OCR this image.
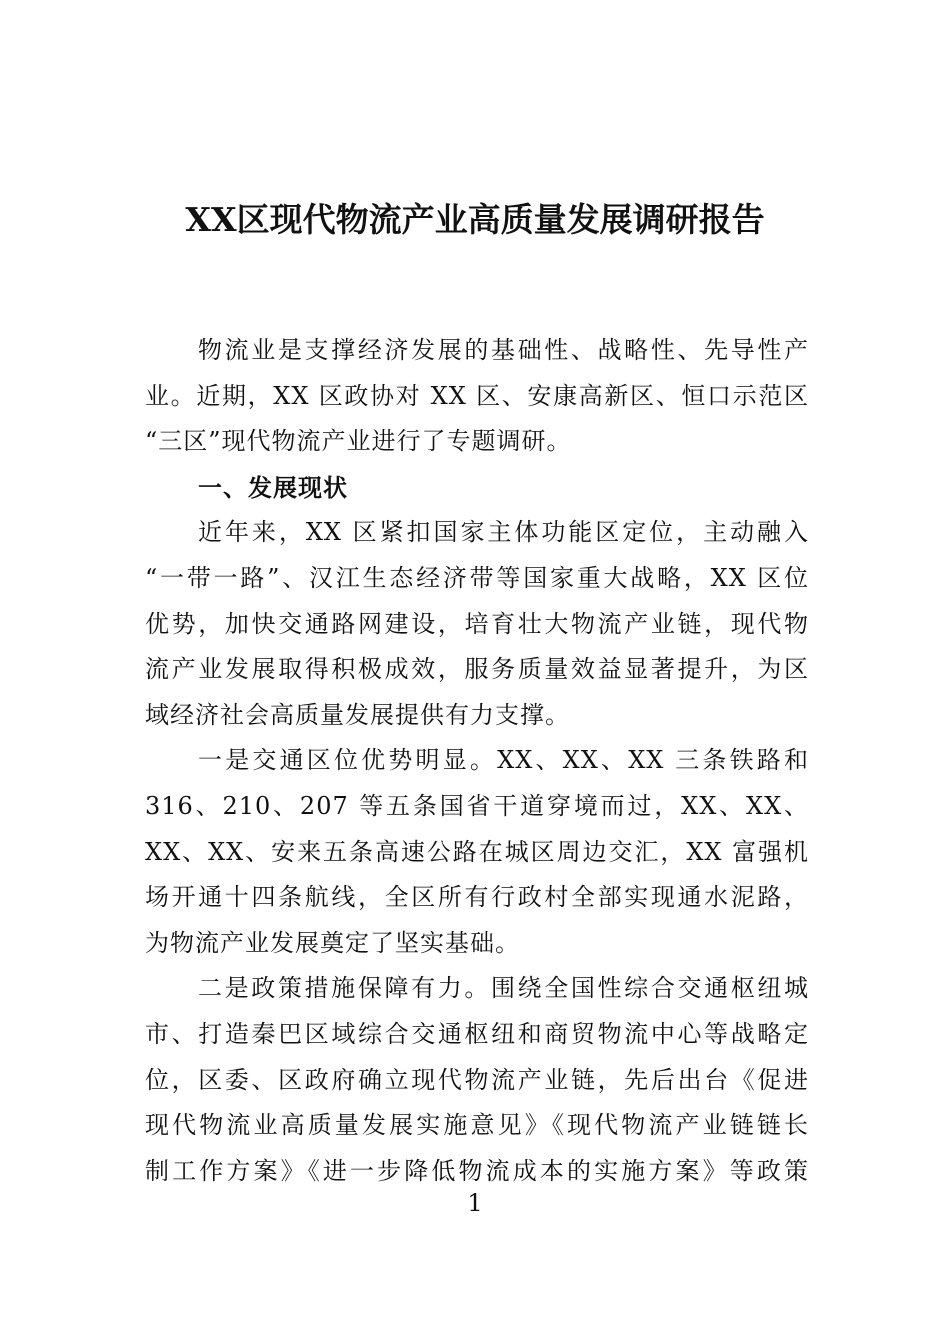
XX区现代物流产业高质量发展调研报告
物流业是支撑经济发展的基础性、战略性、先导性产
业。近期，XX 区政协对 XX 区、安康高新区、恒口示范区
“三区”现代物流产业进行了专题调研。
一、发展现状
近年来，XX 区紧扣国家主体功能区定位，主动融入
“一带一路”、汉江生态经济带等国家重大战略，XX 区位
优势，加快交通路网建设，培育壮大物流产业链，现代物
流产业发展取得积极成效，服务质量效益显著提升，为区
域经济社会高质量发展提供有力支撑。
一是交通区位优势明显。XX、XX、XX 三条铁路和
316、210、207 等五条国省干道穿境而过，XX、XX、
XX、XX、安来五条高速公路在城区周边交汇，XX 富强机
场开通十四条航线，全区所有行政村全部实现通水泥路，
为物流产业发展奠定了坚实基础。
二是政策措施保障有力。围绕全国性综合交通枢纽城
市、打造秦巴区域综合交通枢纽和商贸物流中心等战略定
位，区委、区政府确立现代物流产业链，先后出台《促进
现代物流业高质量发展实施意见》《现代物流产业链链长
制工作方案》《进一步降低物流成本的实施方案》等政策
1
